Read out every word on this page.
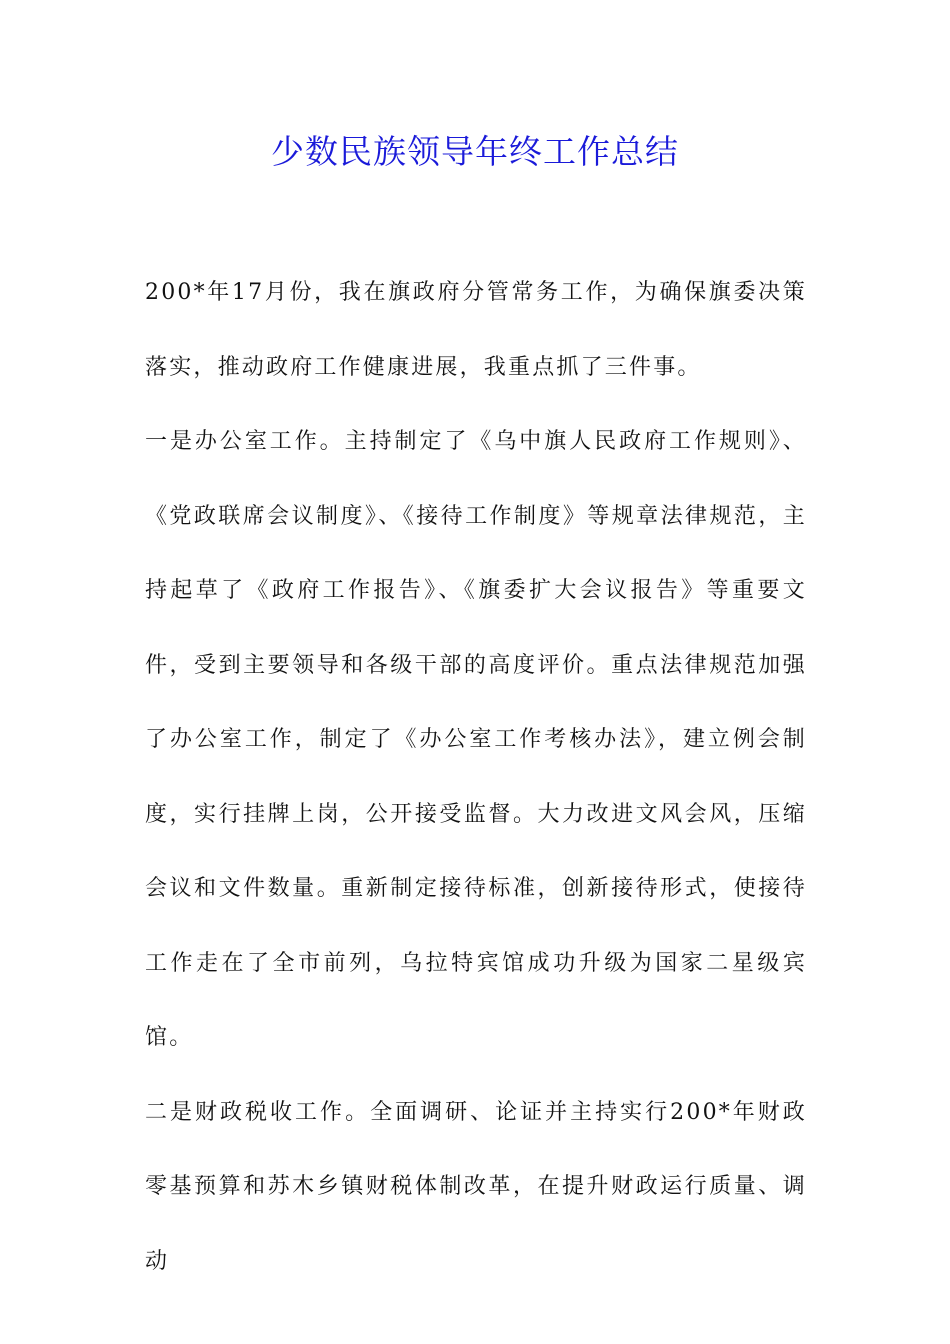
少数民族领导年终工作总结

200*年17月份，我在旗政府分管常务工作，为确保旗委决策落实，推动政府工作健康进展，我重点抓了三件事。

一是办公室工作。主持制定了《乌中旗人民政府工作规则》、《党政联席会议制度》、《接待工作制度》等规章法律规范，主持起草了《政府工作报告》、《旗委扩大会议报告》等重要文件，受到主要领导和各级干部的高度评价。重点法律规范加强了办公室工作，制定了《办公室工作考核办法》，建立例会制度，实行挂牌上岗，公开接受监督。大力改进文风会风，压缩会议和文件数量。重新制定接待标准，创新接待形式，使接待工作走在了全市前列，乌拉特宾馆成功升级为国家二星级宾馆。

二是财政税收工作。全面调研、论证并主持实行200*年财政零基预算和苏木乡镇财税体制改革，在提升财政运行质量、调动
